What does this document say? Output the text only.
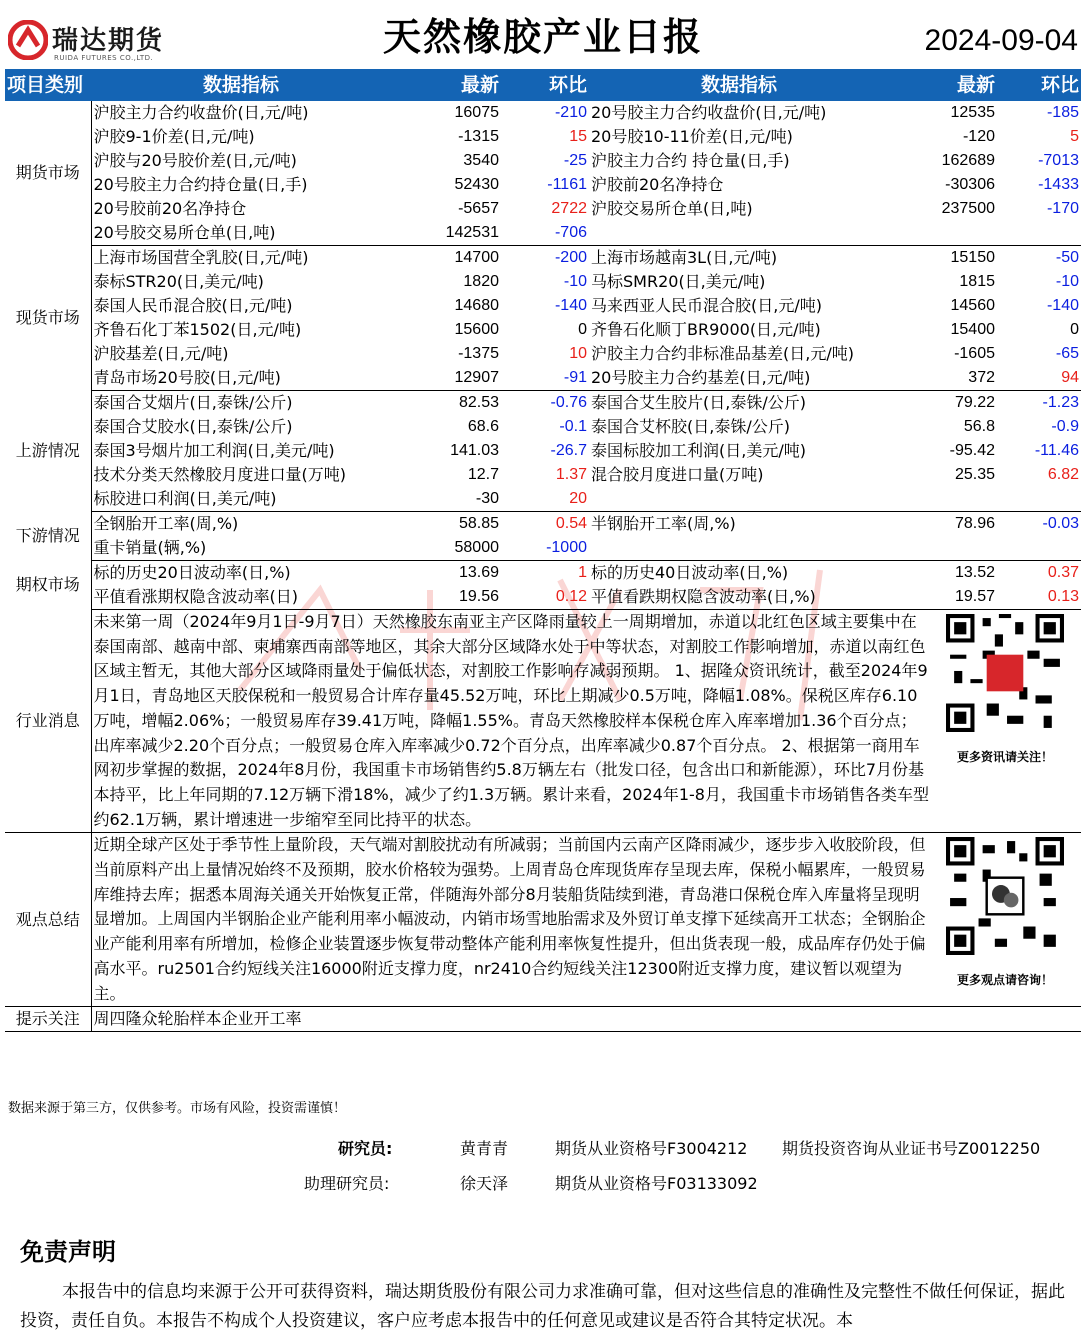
瑞达期货
RUIDA FUTURES CO.,LTD.	天然橡胶产业日报	2024-09-04
项目类别	数据指标	最新	环比	数据指标	最新	环比
期货市场	沪胶主力合约收盘价(日,元/吨)	16075	-210	20号胶主力合约收盘价(日,元/吨)	12535	-185
	沪胶9-1价差(日,元/吨)	-1315	15	20号胶10-11价差(日,元/吨)	-120	5
	沪胶与20号胶价差(日,元/吨)	3540	-25	沪胶主力合约 持仓量(日,手)	162689	-7013
	20号胶主力合约持仓量(日,手)	52430	-1161	沪胶前20名净持仓	-30306	-1433
	20号胶前20名净持仓	-5657	2722	沪胶交易所仓单(日,吨)	237500	-170
	20号胶交易所仓单(日,吨)	142531	-706			
现货市场	上海市场国营全乳胶(日,元/吨)	14700	-200	上海市场越南3L(日,元/吨)	15150	-50
	泰标STR20(日,美元/吨)	1820	-10	马标SMR20(日,美元/吨)	1815	-10
	泰国人民币混合胶(日,元/吨)	14680	-140	马来西亚人民币混合胶(日,元/吨)	14560	-140
	齐鲁石化丁苯1502(日,元/吨)	15600	0	齐鲁石化顺丁BR9000(日,元/吨)	15400	0
	沪胶基差(日,元/吨)	-1375	10	沪胶主力合约非标准品基差(日,元/吨)	-1605	-65
	青岛市场20号胶(日,元/吨)	12907	-91	20号胶主力合约基差(日,元/吨)	372	94
上游情况	泰国合艾烟片(日,泰铢/公斤)	82.53	-0.76	泰国合艾生胶片(日,泰铢/公斤)	79.22	-1.23
	泰国合艾胶水(日,泰铢/公斤)	68.6	-0.1	泰国合艾杯胶(日,泰铢/公斤)	56.8	-0.9
	泰国3号烟片加工利润(日,美元/吨)	141.03	-26.7	泰国标胶加工利润(日,美元/吨)	-95.42	-11.46
	技术分类天然橡胶月度进口量(万吨)	12.7	1.37	混合胶月度进口量(万吨)	25.35	6.82
	标胶进口利润(日,美元/吨)	-30	20			
下游情况	全钢胎开工率(周,%)	58.85	0.54	半钢胎开工率(周,%)	78.96	-0.03
	重卡销量(辆,%)	58000	-1000			
期权市场	标的历史20日波动率(日,%)	13.69	1	标的历史40日波动率(日,%)	13.52	0.37
	平值看涨期权隐含波动率(日)	19.56	0.12	平值看跌期权隐含波动率(日,%)	19.57	0.13
行业消息	未来第一周（2024年9月1日-9月7日）天然橡胶东南亚主产区降雨量较上一周期增加，赤道以北红色区域主要集中在泰国南部、越南中部、柬埔寨西南部等地区，其余大部分区域降水处于中等状态，对割胶工作影响增加，赤道以南红色区域主暂无，其他大部分区域降雨量处于偏低状态，对割胶工作影响存减弱预期。 1、据隆众资讯统计，截至2024年9月1日，青岛地区天胶保税和一般贸易合计库存量45.52万吨，环比上期减少0.5万吨，降幅1.08%。保税区库存6.10万吨，增幅2.06%；一般贸易库存39.41万吨，降幅1.55%。青岛天然橡胶样本保税仓库入库率增加1.36个百分点；出库率减少2.20个百分点；一般贸易仓库入库率减少0.72个百分点，出库率减少0.87个百分点。 2、根据第一商用车网初步掌握的数据，2024年8月份，我国重卡市场销售约5.8万辆左右（批发口径，包含出口和新能源），环比7月份基本持平，比上年同期的7.12万辆下滑18%，减少了约1.3万辆。累计来看，2024年1-8月，我国重卡市场销售各类车型约62.1万辆，累计增速进一步缩窄至同比持平的状态。
更多资讯请关注！					

观点总结	近期全球产区处于季节性上量阶段，天气端对割胶扰动有所减弱；当前国内云南产区降雨减少，逐步步入收胶阶段，但当前原料产出上量情况始终不及预期，胶水价格较为强势。上周青岛仓库现货库存呈现去库，保税小幅累库，一般贸易库维持去库；据悉本周海关通关开始恢复正常，伴随海外部分8月装船货陆续到港，青岛港口保税仓库入库量将呈现明显增加。上周国内半钢胎企业产能利用率小幅波动，内销市场雪地胎需求及外贸订单支撑下延续高开工状态；全钢胎企业产能利用率有所增加，检修企业装置逐步恢复带动整体产能利用率恢复性提升，但出货表现一般，成品库存仍处于偏高水平。ru2501合约短线关注16000附近支撑力度，nr2410合约短线关注12300附近支撑力度，建议暂以观望为主。
更多观点请咨询！					

提示关注	周四隆众轮胎样本企业开工率					
数据来源于第三方，仅供参考。市场有风险，投资需谨慎！
研究员:	黄青青	期货从业资格号F3004212 期货投资咨询从业证书号Z0012250
助理研究员:	徐天泽	期货从业资格号F03133092
免责声明
本报告中的信息均来源于公开可获得资料，瑞达期货股份有限公司力求准确可靠，但对这些信息的准确性及完整性不做任何保证，据此投资，责任自负。本报告不构成个人投资建议，客户应考虑本报告中的任何意见或建议是否符合其特定状况。本
